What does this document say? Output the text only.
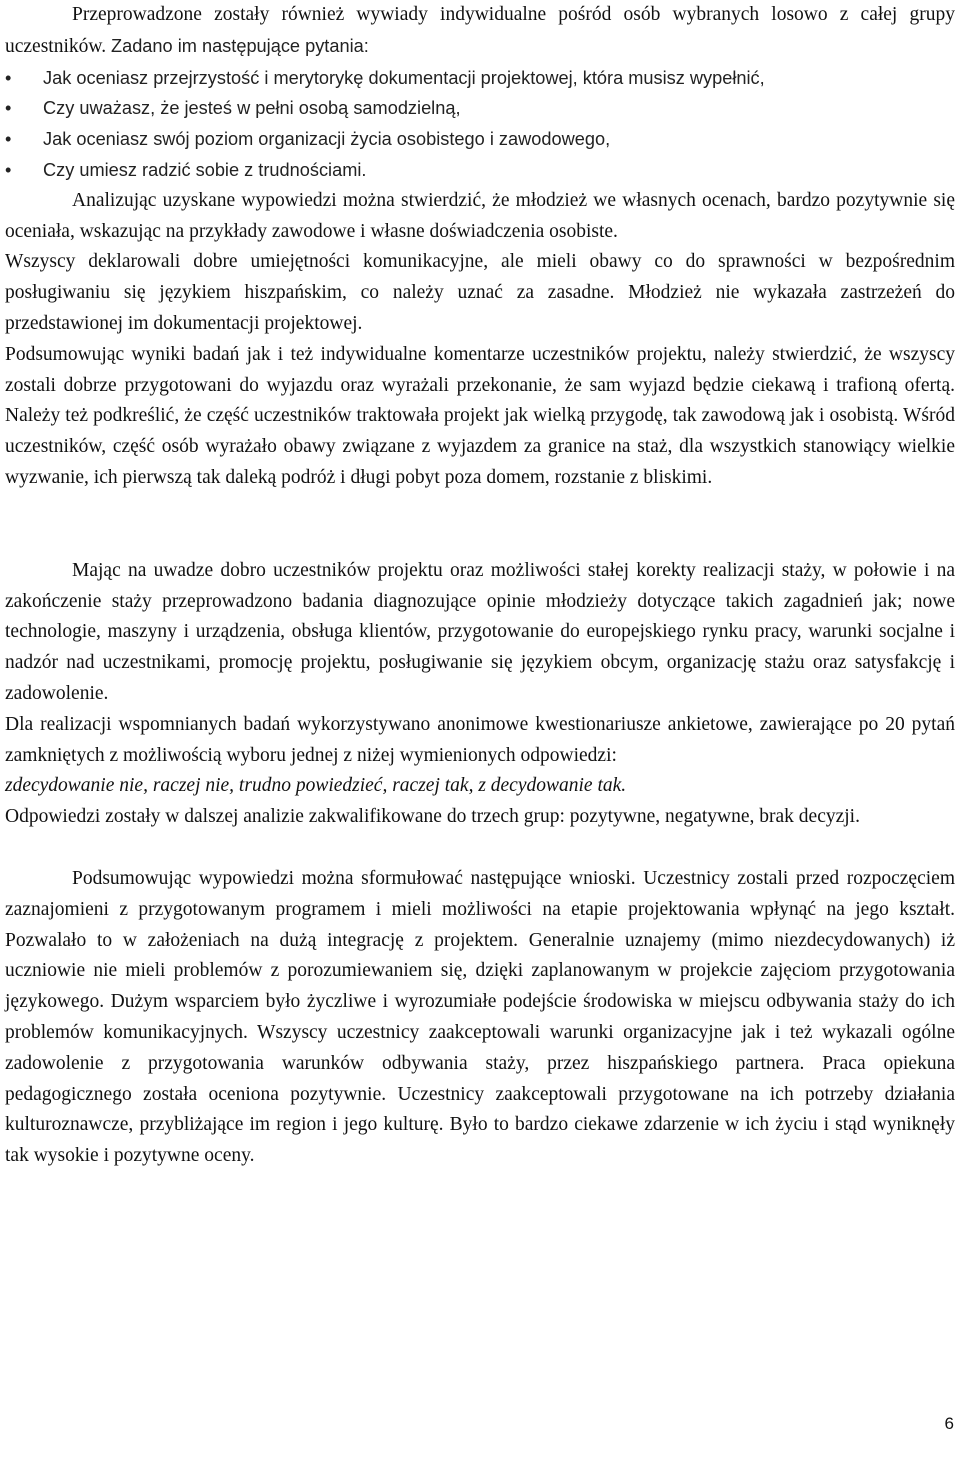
Przeprowadzone zostały również wywiady indywidualne pośród osób wybranych losowo z całej grupy uczestników. Zadano im następujące pytania:

• Jak oceniasz przejrzystość i merytorykę dokumentacji projektowej, która musisz wypełnić,
• Czy uważasz, że jesteś w pełni osobą samodzielną,
• Jak oceniasz swój poziom organizacji życia osobistego i zawodowego,
• Czy umiesz radzić sobie z trudnościami.

Analizując uzyskane wypowiedzi można stwierdzić, że młodzież we własnych ocenach, bardzo pozytywnie się oceniała, wskazując na przykłady zawodowe i własne doświadczenia osobiste.

Wszyscy deklarowali dobre umiejętności komunikacyjne, ale mieli obawy co do sprawności w bezpośrednim posługiwaniu się językiem hiszpańskim, co należy uznać za zasadne. Młodzież nie wykazała zastrzeżeń do przedstawionej im dokumentacji projektowej.

Podsumowując wyniki badań jak i też indywidualne komentarze uczestników projektu, należy stwierdzić, że wszyscy zostali dobrze przygotowani do wyjazdu oraz wyrażali przekonanie, że sam wyjazd będzie ciekawą i trafioną ofertą. Należy też podkreślić, że część uczestników traktowała projekt jak wielką przygodę, tak zawodową jak i osobistą. Wśród uczestników, część osób wyrażało obawy związane z wyjazdem za granice na staż, dla wszystkich stanowiący wielkie wyzwanie, ich pierwszą tak daleką podróż i długi pobyt poza domem, rozstanie z bliskimi.

Mając na uwadze dobro uczestników projektu oraz możliwości stałej korekty realizacji staży, w połowie i na zakończenie staży przeprowadzono badania diagnozujące opinie młodzieży dotyczące takich zagadnień jak; nowe technologie, maszyny i urządzenia, obsługa klientów, przygotowanie do europejskiego rynku pracy, warunki socjalne i nadzór nad uczestnikami, promocję projektu, posługiwanie się językiem obcym, organizację stażu oraz satysfakcję i zadowolenie.

Dla realizacji wspomnianych badań wykorzystywano anonimowe kwestionariusze ankietowe, zawierające po 20 pytań zamkniętych z możliwością wyboru jednej z niżej wymienionych odpowiedzi:

zdecydowanie nie, raczej nie, trudno powiedzieć, raczej tak, z decydowanie tak.

Odpowiedzi zostały w dalszej analizie zakwalifikowane do trzech grup: pozytywne, negatywne, brak decyzji.

Podsumowując wypowiedzi można sformułować następujące wnioski. Uczestnicy zostali przed rozpoczęciem zaznajomieni z przygotowanym programem i mieli możliwości na etapie projektowania wpłynąć na jego kształt. Pozwalało to w założeniach na dużą integrację z projektem. Generalnie uznajemy (mimo niezdecydowanych) iż uczniowie nie mieli problemów z porozumiewaniem się, dzięki zaplanowanym w projekcie zajęciom przygotowania językowego. Dużym wsparciem było życzliwe i wyrozumiałe podejście środowiska w miejscu odbywania staży do ich problemów komunikacyjnych. Wszyscy uczestnicy zaakceptowali warunki organizacyjne jak i też wykazali ogólne zadowolenie z przygotowania warunków odbywania staży, przez hiszpańskiego partnera. Praca opiekuna pedagogicznego została oceniona pozytywnie. Uczestnicy zaakceptowali przygotowane na ich potrzeby działania kulturoznawcze, przybliżające im region i jego kulturę. Było to bardzo ciekawe zdarzenie w ich życiu i stąd wyniknęły tak wysokie i pozytywne oceny.

6
